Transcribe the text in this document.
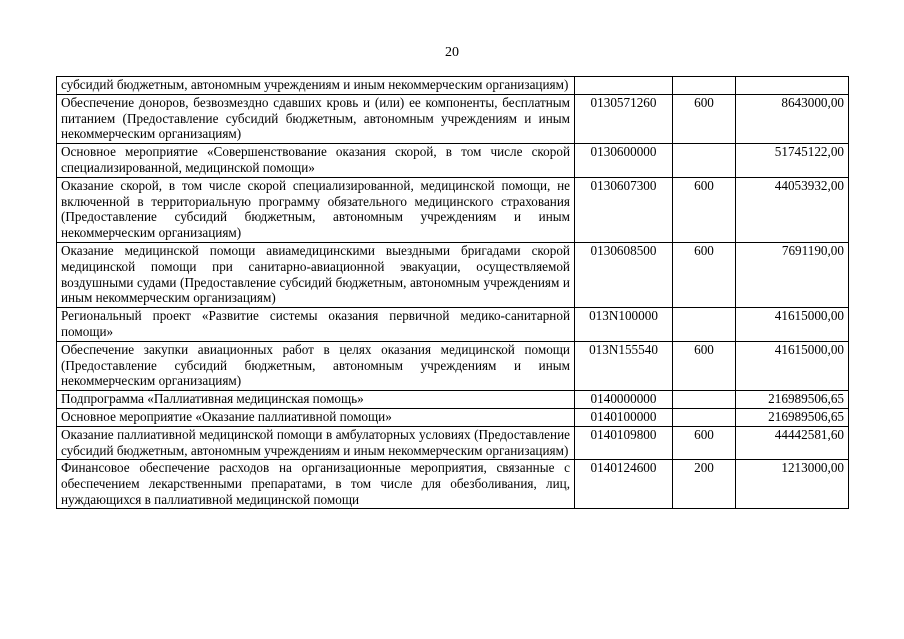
20
субсидий бюджетным, автономным учреждениям и иным некоммерческим организациям)			
Обеспечение доноров, безвозмездно сдавших кровь и (или) ее компоненты, бесплатным питанием (Предоставление субсидий бюджетным, автономным учреждениям и иным некоммерческим организациям)	0130571260	600	8643000,00
Основное мероприятие «Совершенствование оказания скорой, в том числе скорой специализированной, медицинской помощи»	0130600000		51745122,00
Оказание скорой, в том числе скорой специализированной, медицинской помощи, не включенной в территориальную программу обязательного медицинского страхования (Предоставление субсидий бюджетным, автономным учреждениям и иным некоммерческим организациям)	0130607300	600	44053932,00
Оказание медицинской помощи авиамедицинскими выездными бригадами скорой медицинской помощи при санитарно-авиационной эвакуации, осуществляемой воздушными судами (Предоставление субсидий бюджетным, автономным учреждениям и иным некоммерческим организациям)	0130608500	600	7691190,00
Региональный проект «Развитие системы оказания первичной медико-санитарной помощи»	013N100000		41615000,00
Обеспечение закупки авиационных работ в целях оказания медицинской помощи (Предоставление субсидий бюджетным, автономным учреждениям и иным некоммерческим организациям)	013N155540	600	41615000,00
Подпрограмма «Паллиативная медицинская помощь»	0140000000		216989506,65
Основное мероприятие «Оказание паллиативной помощи»	0140100000		216989506,65
Оказание паллиативной медицинской помощи в амбулаторных условиях (Предоставление субсидий бюджетным, автономным учреждениям и иным некоммерческим организациям)	0140109800	600	44442581,60

Финансовое обеспечение расходов на организационные мероприятия, связанные с обеспечением лекарственными препаратами, в том числе для обезболивания, лиц, нуждающихся в паллиативной медицинской помощи	0140124600	200	1213000,00
